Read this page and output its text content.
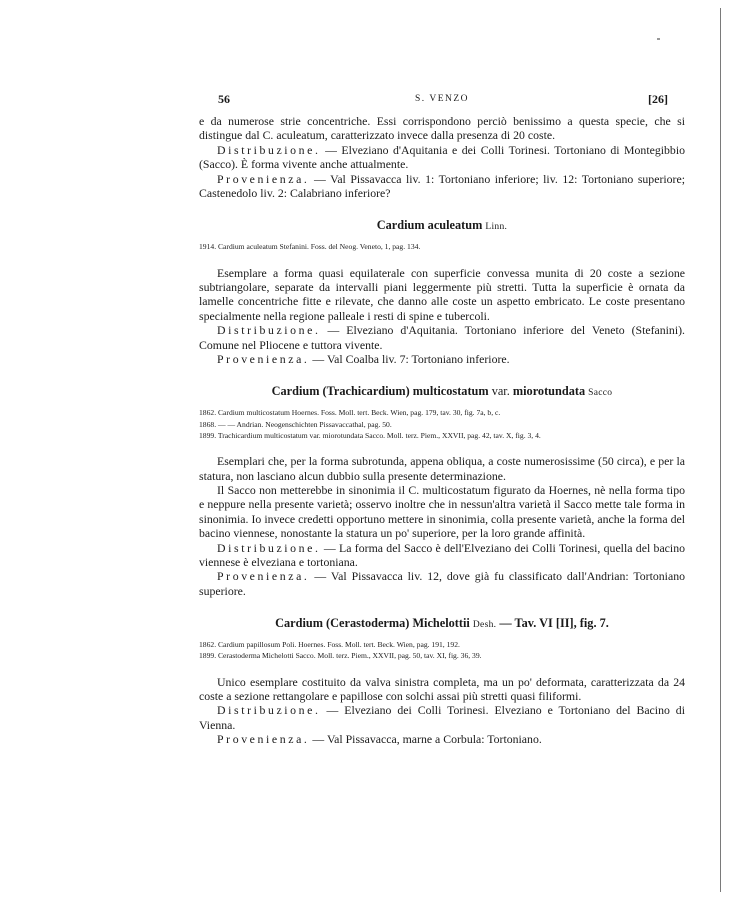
56	S. VENZO	[26]

e da numerose strie concentriche. Essi corrispondono perciò benissimo a questa specie, che si distingue dal C. aculeatum, caratterizzato invece dalla presenza di 20 coste.

Distribuzione. — Elveziano d'Aquitania e dei Colli Torinesi. Tortoniano di Montegibbio (Sacco). È forma vivente anche attualmente.

Provenienza. — Val Pissavacca liv. 1: Tortoniano inferiore; liv. 12: Tortoniano superiore; Castenedolo liv. 2: Calabriano inferiore?

Cardium aculeatum Linn.
1914. Cardium aculeatum Stefanini. Foss. del Neog. Veneto, 1, pag. 134.

Esemplare a forma quasi equilaterale con superficie convessa munita di 20 coste a sezione subtriangolare, separate da intervalli piani leggermente più stretti. Tutta la superficie è ornata da lamelle concentriche fitte e rilevate, che danno alle coste un aspetto embricato. Le coste presentano specialmente nella regione palleale i resti di spine e tubercoli.

Distribuzione. — Elveziano d'Aquitania. Tortoniano inferiore del Veneto (Stefanini). Comune nel Pliocene e tuttora vivente.

Provenienza. — Val Coalba liv. 7: Tortoniano inferiore.

Cardium (Trachicardium) multicostatum var. miorotundata Sacco
1862. Cardium multicostatum Hoernes. Foss. Moll. tert. Beck. Wien, pag. 179, tav. 30, fig. 7a, b, c.
1868. — — Andrian. Neogenschichten Pissavaccathal, pag. 50.
1899. Trachicardium multicostatum var. miorotundata Sacco. Moll. terz. Piem., XXVII, pag. 42, tav. X, fig. 3, 4.

Esemplari che, per la forma subrotunda, appena obliqua, a coste numerosissime (50 circa), e per la statura, non lasciano alcun dubbio sulla presente determinazione.

Il Sacco non metterebbe in sinonimia il C. multicostatum figurato da Hoernes, nè nella forma tipo e neppure nella presente varietà; osservo inoltre che in nessun'altra varietà il Sacco mette tale forma in sinonimia. Io invece credetti opportuno mettere in sinonimia, colla presente varietà, anche la forma del bacino viennese, nonostante la statura un po' superiore, per la loro grande affinità.

Distribuzione. — La forma del Sacco è dell'Elveziano dei Colli Torinesi, quella del bacino viennese è elveziana e tortoniana.

Provenienza. — Val Pissavacca liv. 12, dove già fu classificato dall'Andrian: Tortoniano superiore.

Cardium (Cerastoderma) Michelottii Desh. — Tav. VI [II], fig. 7.
1862. Cardium papillosum Poli. Hoernes. Foss. Moll. tert. Beck. Wien, pag. 191, 192.
1899. Cerastoderma Michelotti Sacco. Moll. terz. Piem., XXVII, pag. 50, tav. XI, fig. 36, 39.

Unico esemplare costituito da valva sinistra completa, ma un po' deformata, caratterizzata da 24 coste a sezione rettangolare e papillose con solchi assai più stretti quasi filiformi.

Distribuzione. — Elveziano dei Colli Torinesi. Elveziano e Tortoniano del Bacino di Vienna.

Provenienza. — Val Pissavacca, marne a Corbula: Tortoniano.
